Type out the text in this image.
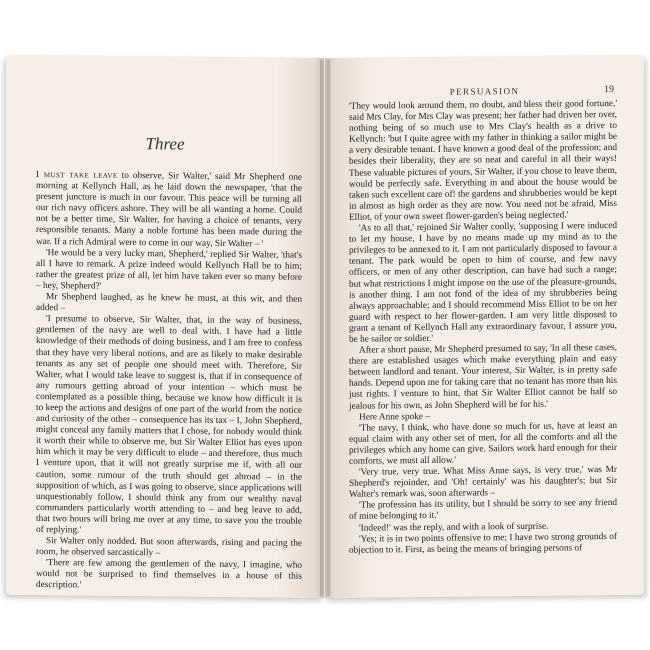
Three

I must take leave to observe, Sir Walter,' said Mr Shepherd one morning at Kellynch Hall, as he laid down the newspaper, 'that the present juncture is much in our favour. This peace will be turning all our rich navy officers ashore. They will be all wanting a home. Could not be a better time, Sir Walter, for having a choice of tenants, very responsible tenants. Many a noble fortune has been made during the war. If a rich Admiral were to come in our way, Sir Walter – '

'He would be a very lucky man, Shepherd,' replied Sir Walter, 'that's all I have to remark. A prize indeed would Kellynch Hall be to him; rather the greatest prize of all, let him have taken ever so many before – hey, Shepherd?'

Mr Shepherd laughed, as he knew he must, at this wit, and then added –

'I presume to observe, Sir Walter, that, in the way of business, gentlemen of the navy are well to deal with. I have had a little knowledge of their methods of doing business, and I am free to confess that they have very liberal notions, and are as likely to make desirable tenants as any set of people one should meet with. Therefore, Sir Walter, what I would take leave to suggest is, that if in consequence of any rumours getting abroad of your intention – which must be contemplated as a possible thing, because we know how difficult it is to keep the actions and designs of one part of the world from the notice and curiosity of the other – consequence has its tax – I, John Shepherd, might conceal any family matters that I chose, for nobody would think it worth their while to observe me, but Sir Walter Elliot has eyes upon him which it may be very difficult to elude – and therefore, thus much I venture upon, that it will not greatly surprise me if, with all our caution, some rumour of the truth should get abroad – in the supposition of which, as I was going to observe, since applications will unquestionably follow, I should think any from our wealthy naval commanders particularly worth attending to – and beg leave to add, that two hours will bring me over at any time, to save you the trouble of replying.'

Sir Walter only nodded. But soon afterwards, rising and pacing the room, he observed sarcastically –

'There are few among the gentlemen of the navy, I imagine, who would not be surprised to find themselves in a house of this description.'

PERSUASION	19

'They would look around them, no doubt, and bless their good fortune,' said Mrs Clay, for Mrs Clay was present; her father had driven her over, nothing being of so much use to Mrs Clay's health as a drive to Kellynch: 'but I quite agree with my father in thinking a sailor might be a very desirable tenant. I have known a good deal of the profession; and besides their liberality, they are so neat and careful in all their ways! These valuable pictures of yours, Sir Walter, if you chose to leave them, would be perfectly safe. Everything in and about the house would be taken such excellent care of! the gardens and shrubberies would be kept in almost as high order as they are now. You need not be afraid, Miss Elliot, of your own sweet flower-garden's being neglected.'

'As to all that,' rejoined Sir Walter coolly, 'supposing I were induced to let my house, I have by no means made up my mind as to the privileges to be annexed to it. I am not particularly disposed to favour a tenant. The park would be open to him of course, and few navy officers, or men of any other description, can have had such a range; but what restrictions I might impose on the use of the pleasure-grounds, is another thing. I am not fond of the idea of my shrubberies being always approachable; and I should recommend Miss Elliot to be on her guard with respect to her flower-garden. I am very little disposed to grant a tenant of Kellynch Hall any extraordinary favour, I assure you, be he sailor or soldier.'

After a short pause, Mr Shepherd presumed to say, 'In all these cases, there are established usages which make everything plain and easy between landlord and tenant. Your interest, Sir Walter, is in pretty safe hands. Depend upon me for taking care that no tenant has more than his just rights. I venture to hint, that Sir Walter Elliot cannot be half so jealous for his own, as John Shepherd will be for his.'

Here Anne spoke –

'The navy, I think, who have done so much for us, have at least an equal claim with any other set of men, for all the comforts and all the privileges which any home can give. Sailors work hard enough for their comforts, we must all allow.'

'Very true, very true. What Miss Anne says, is very true,' was Mr Shepherd's rejoinder, and 'Oh! certainly' was his daughter's; but Sir Walter's remark was, soon afterwards –

'The profession has its utility, but I should be sorry to see any friend of mine belonging to it.'

'Indeed!' was the reply, and with a look of surprise.

'Yes; it is in two points offensive to me; I have two strong grounds of objection to it. First, as being the means of bringing persons of
